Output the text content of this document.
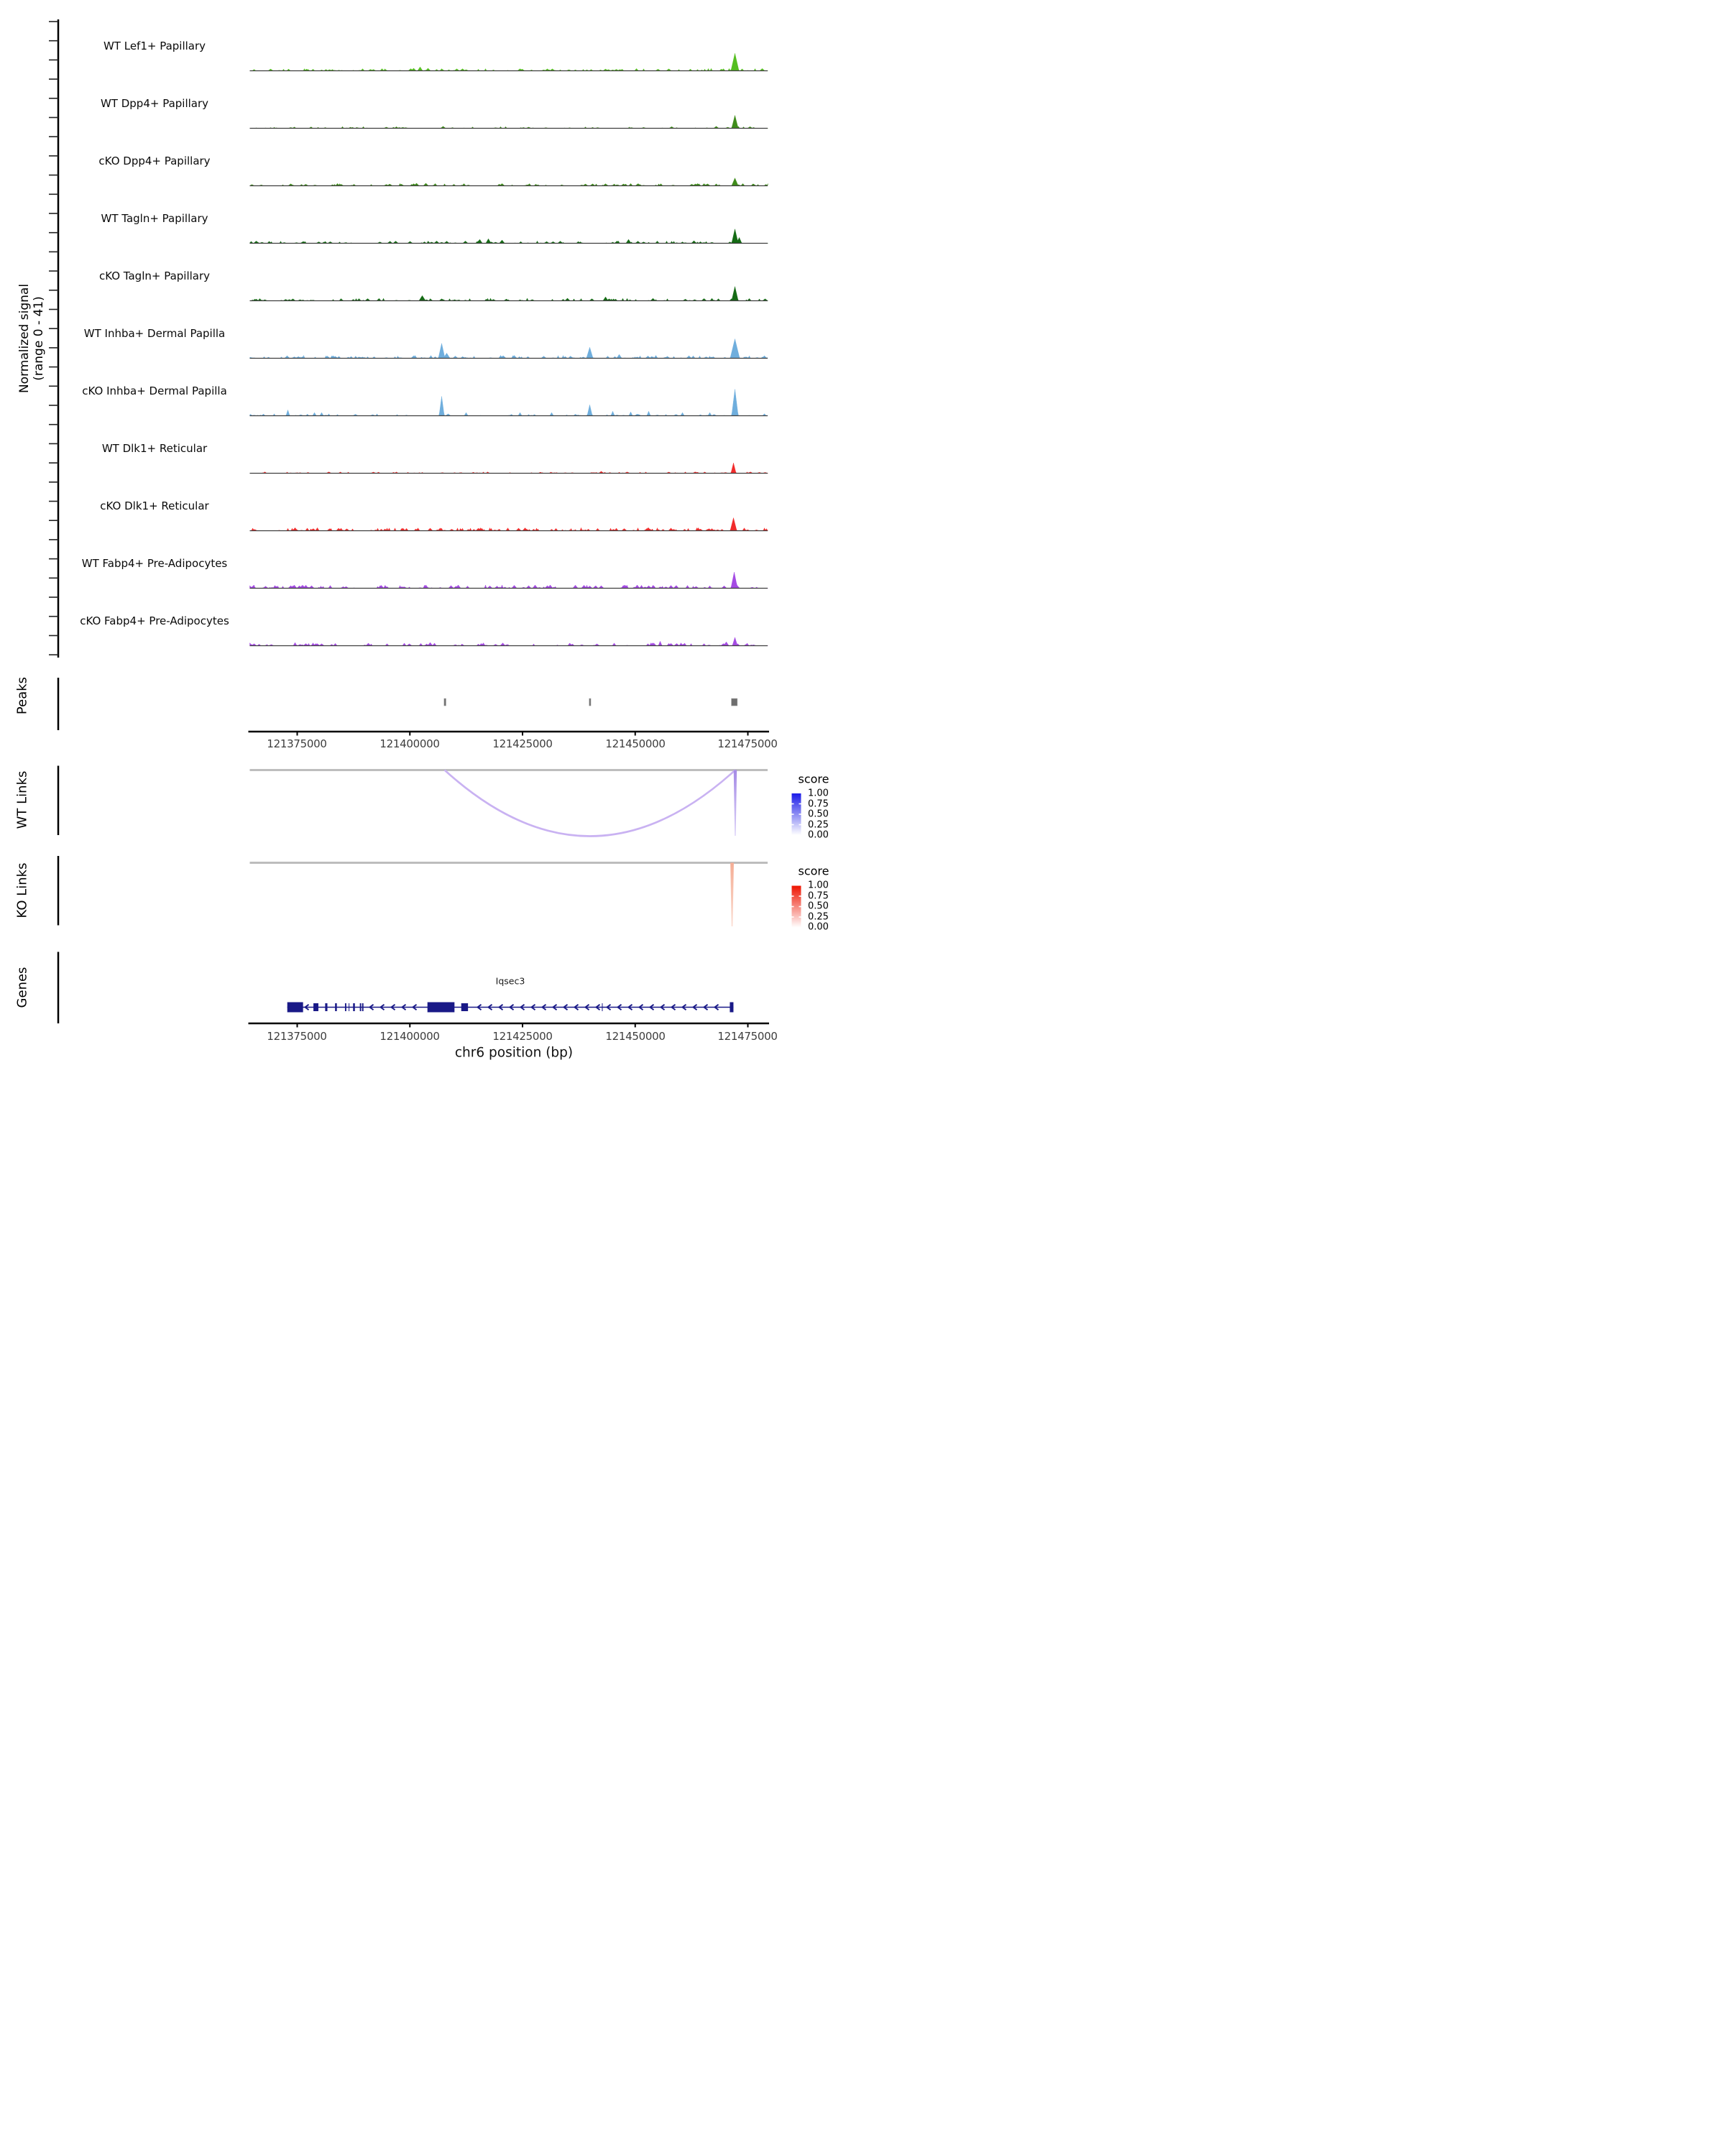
Normalized signal (range 0 - 41)
WT Lef1+ Papillary
WT Dpp4+ Papillary
cKO Dpp4+ Papillary
WT Tagln+ Papillary
cKO Tagln+ Papillary
WT Inhba+ Dermal Papilla
cKO Inhba+ Dermal Papilla
WT Dlk1+ Reticular
cKO Dlk1+ Reticular
WT Fabp4+ Pre-Adipocytes
cKO Fabp4+ Pre-Adipocytes
Peaks
WT Links
KO Links
Genes
121375000	121400000	121425000	121450000	121475000
score
1.00
0.75
0.50
0.25
0.00
score
1.00
0.75
0.50
0.25
0.00
Iqsec3
121375000	121400000	121425000	121450000	121475000
chr6 position (bp)
